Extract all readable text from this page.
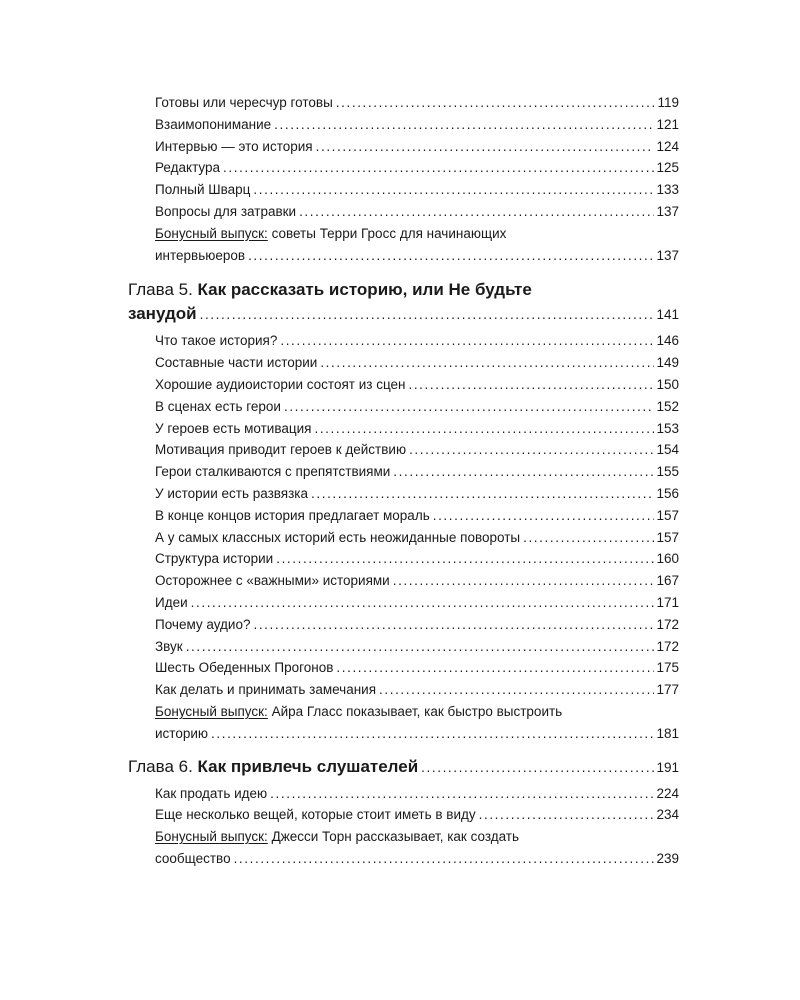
Готовы или чересчур готовы .....	119
Взаимопонимание .....	121
Интервью — это история .....	124
Редактура .....	125
Полный Шварц .....	133
Вопросы для затравки .....	137
Бонусный выпуск: советы Терри Гросс для начинающих
интервьюеров .....	137
Глава 5. Как рассказать историю, или Не будьте
занудой .....	141
Что такое история? .....	146
Составные части истории .....	149
Хорошие аудиоистории состоят из сцен .....	150
В сценах есть герои .....	152
У героев есть мотивация .....	153
Мотивация приводит героев к действию .....	154
Герои сталкиваются с препятствиями .....	155
У истории есть развязка .....	156
В конце концов история предлагает мораль .....	157
А у самых классных историй есть неожиданные повороты .....	157
Структура истории .....	160
Осторожнее с «важными» историями .....	167
Идеи .....	171
Почему аудио? .....	172
Звук .....	172
Шесть Обеденных Прогонов .....	175
Как делать и принимать замечания .....	177
Бонусный выпуск: Айра Гласс показывает, как быстро выстроить
историю .....	181
Глава 6. Как привлечь слушателей .....	191
Как продать идею .....	224
Еще несколько вещей, которые стоит иметь в виду .....	234
Бонусный выпуск: Джесси Торн рассказывает, как создать
сообщество .....	239
